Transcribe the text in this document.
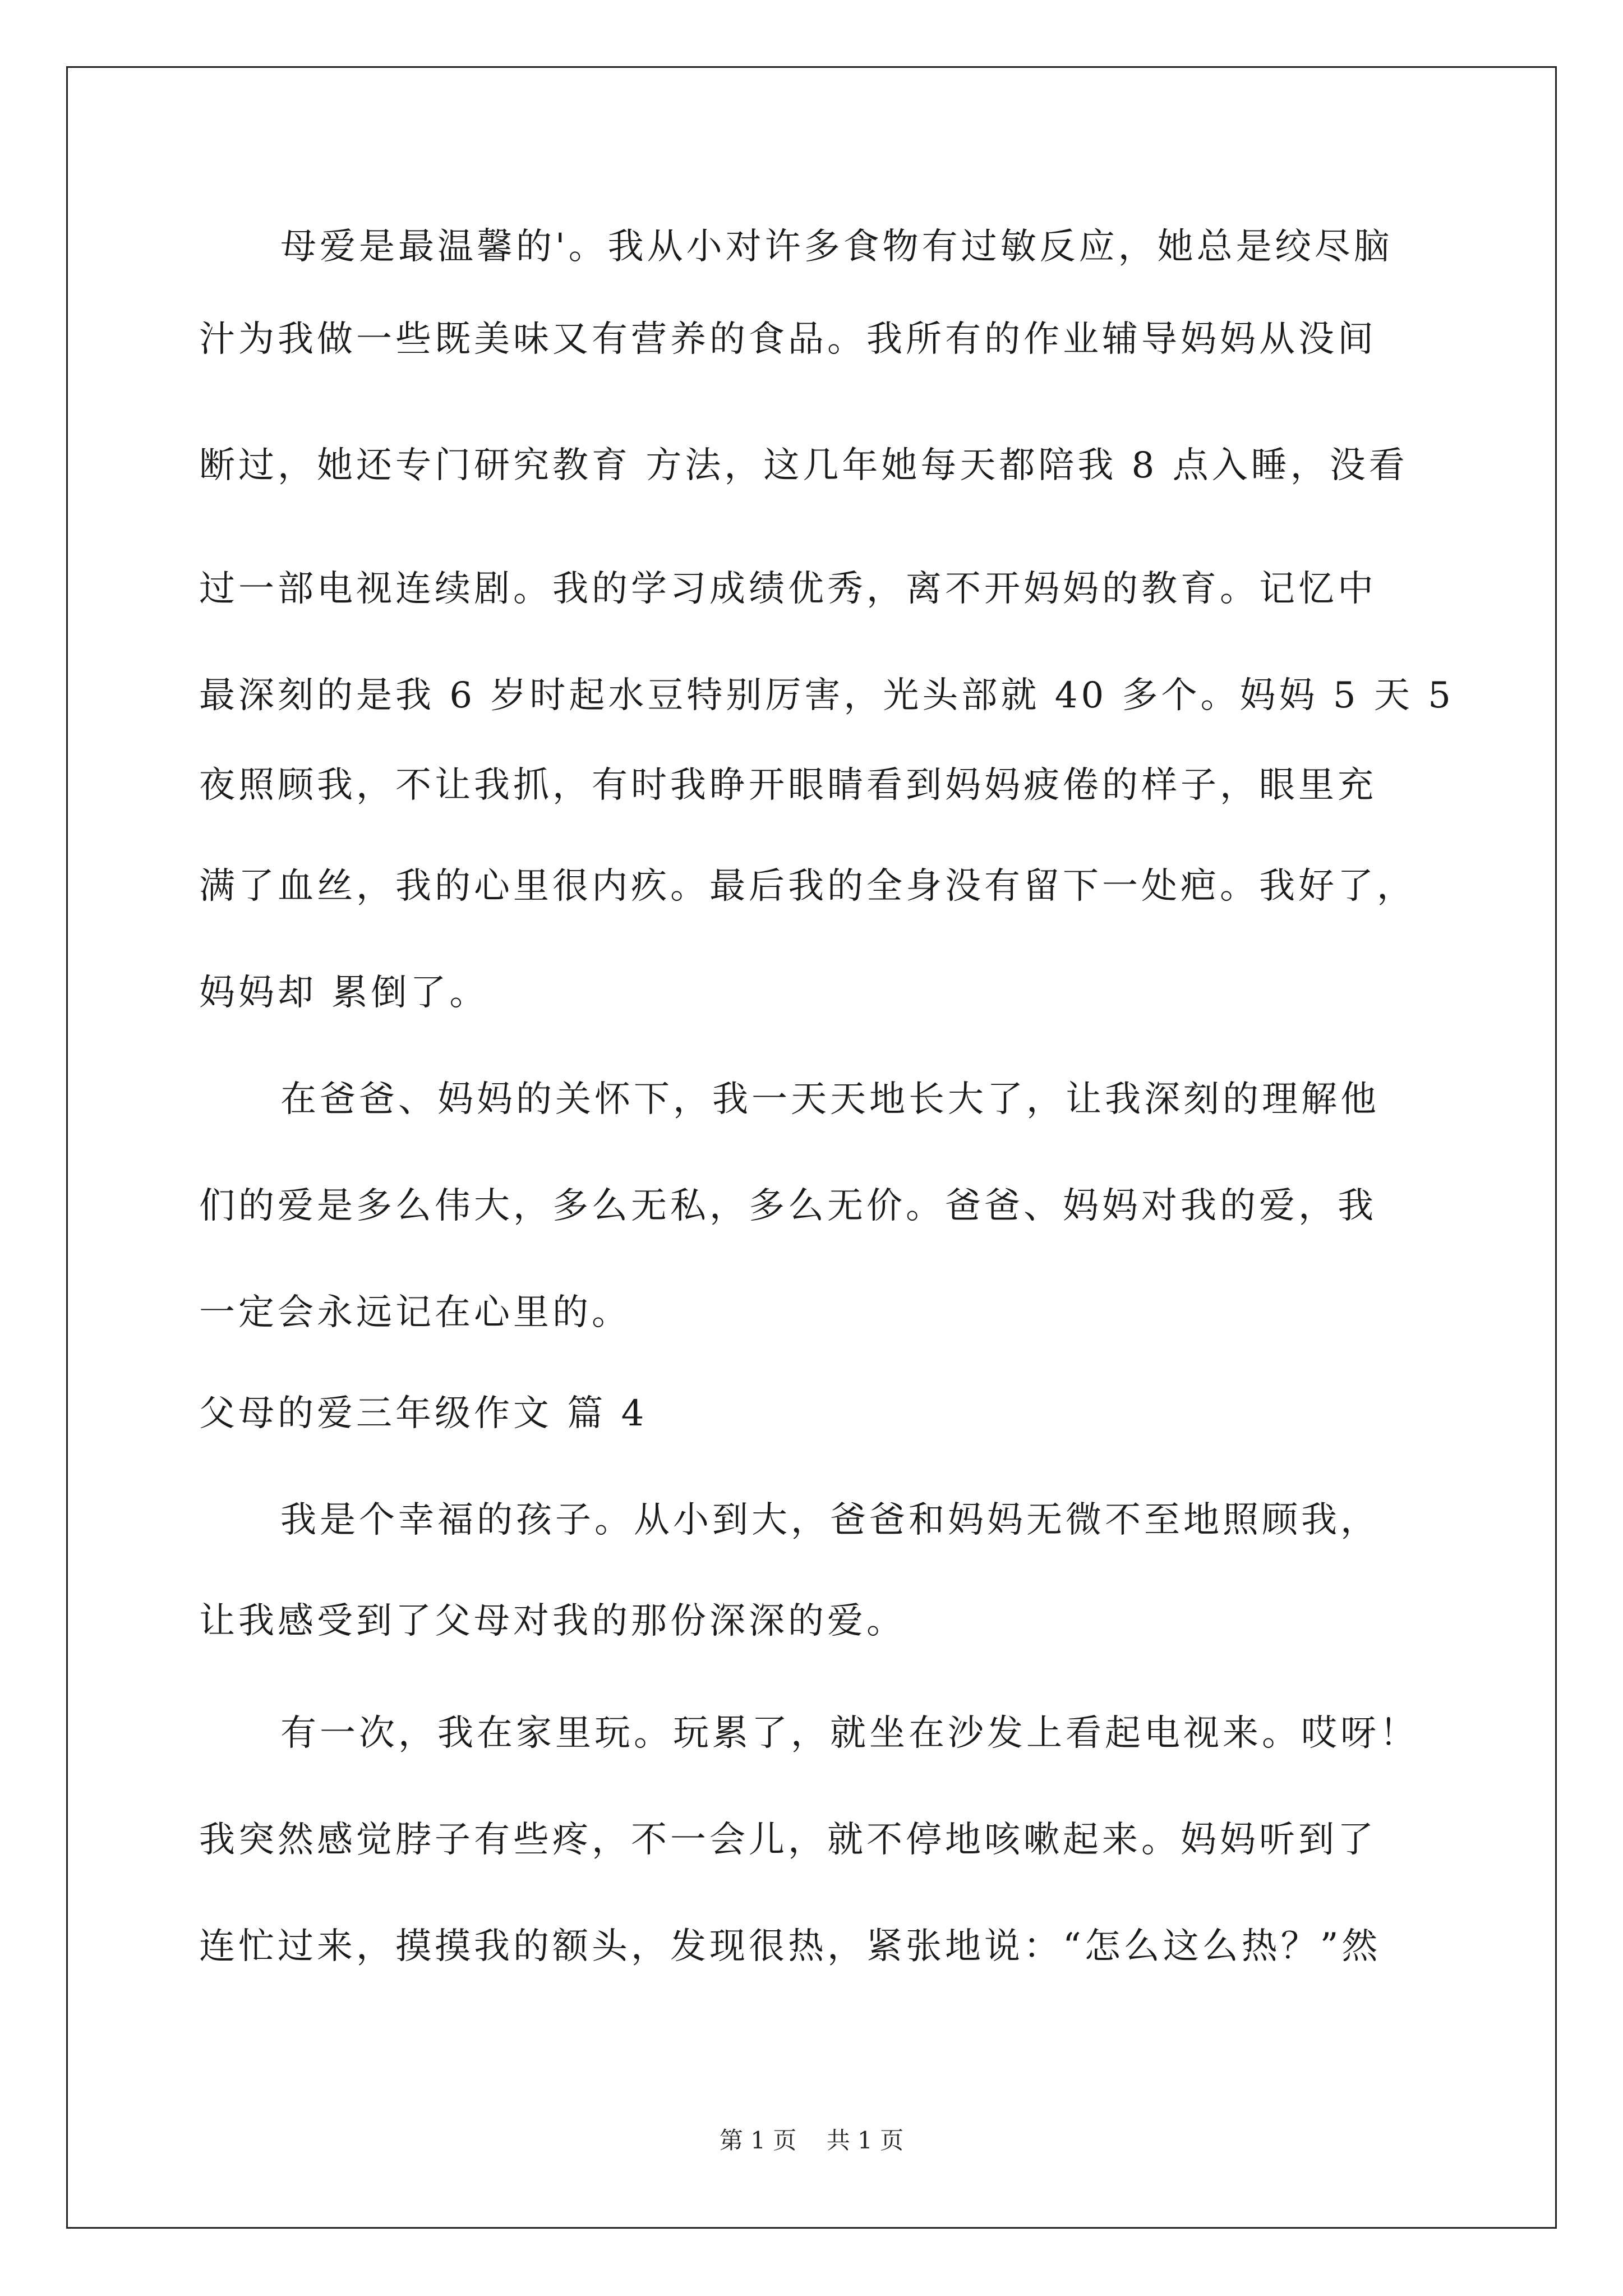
母爱是最温馨的'。我从小对许多食物有过敏反应，她总是绞尽脑
汁为我做一些既美味又有营养的食品。我所有的作业辅导妈妈从没间
断过，她还专门研究教育 方法，这几年她每天都陪我 8 点入睡，没看
过一部电视连续剧。我的学习成绩优秀，离不开妈妈的教育。记忆中
最深刻的是我 6 岁时起水豆特别厉害，光头部就 40 多个。妈妈 5 天 5
夜照顾我，不让我抓，有时我睁开眼睛看到妈妈疲倦的样子，眼里充
满了血丝，我的心里很内疚。最后我的全身没有留下一处疤。我好了，
妈妈却 累倒了。
在爸爸、妈妈的关怀下，我一天天地长大了，让我深刻的理解他
们的爱是多么伟大，多么无私，多么无价。爸爸、妈妈对我的爱，我
一定会永远记在心里的。
父母的爱三年级作文 篇 4
我是个幸福的孩子。从小到大，爸爸和妈妈无微不至地照顾我，
让我感受到了父母对我的那份深深的爱。
有一次，我在家里玩。玩累了，就坐在沙发上看起电视来。哎呀！
我突然感觉脖子有些疼，不一会儿，就不停地咳嗽起来。妈妈听到了
连忙过来，摸摸我的额头，发现很热，紧张地说：“怎么这么热？”然
第 1 页    共 1 页
